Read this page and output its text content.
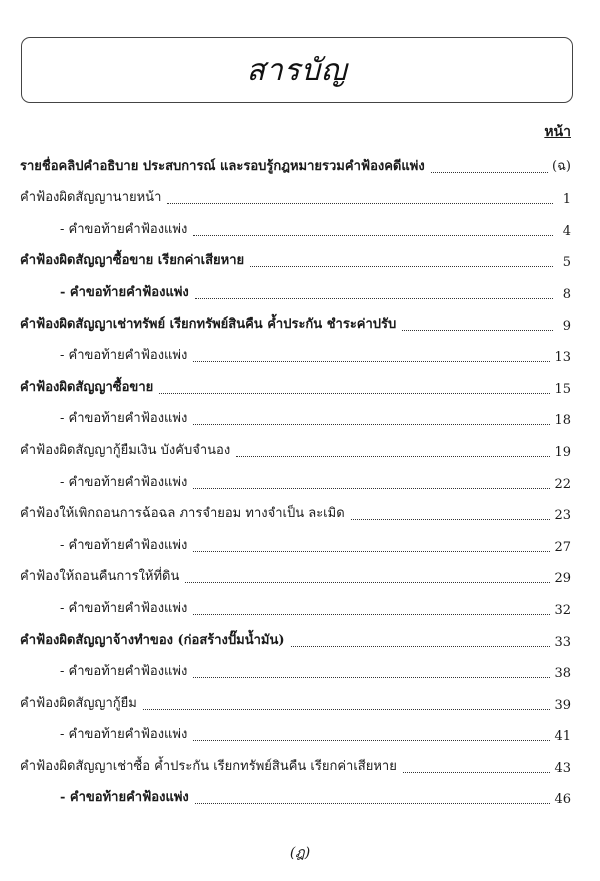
สารบัญ
หน้า
รายชื่อคลิปคำอธิบาย ประสบการณ์ และรอบรู้กฎหมายรวมคำฟ้องคดีแพ่ง	(ฉ)
คำฟ้องผิดสัญญานายหน้า	1
- คำขอท้ายคำฟ้องแพ่ง	4
คำฟ้องผิดสัญญาซื้อขาย เรียกค่าเสียหาย	5
- คำขอท้ายคำฟ้องแพ่ง	8
คำฟ้องผิดสัญญาเช่าทรัพย์ เรียกทรัพย์สินคืน ค้ำประกัน ชำระค่าปรับ	9
- คำขอท้ายคำฟ้องแพ่ง	13
คำฟ้องผิดสัญญาซื้อขาย	15
- คำขอท้ายคำฟ้องแพ่ง	18
คำฟ้องผิดสัญญากู้ยืมเงิน บังคับจำนอง	19
- คำขอท้ายคำฟ้องแพ่ง	22
คำฟ้องให้เพิกถอนการฉ้อฉล ภารจำยอม ทางจำเป็น ละเมิด	23
- คำขอท้ายคำฟ้องแพ่ง	27
คำฟ้องให้ถอนคืนการให้ที่ดิน	29
- คำขอท้ายคำฟ้องแพ่ง	32
คำฟ้องผิดสัญญาจ้างทำของ (ก่อสร้างปั๊มน้ำมัน)	33
- คำขอท้ายคำฟ้องแพ่ง	38
คำฟ้องผิดสัญญากู้ยืม	39
- คำขอท้ายคำฟ้องแพ่ง	41
คำฟ้องผิดสัญญาเช่าซื้อ ค้ำประกัน เรียกทรัพย์สินคืน เรียกค่าเสียหาย	43
- คำขอท้ายคำฟ้องแพ่ง	46
(ฎ)
